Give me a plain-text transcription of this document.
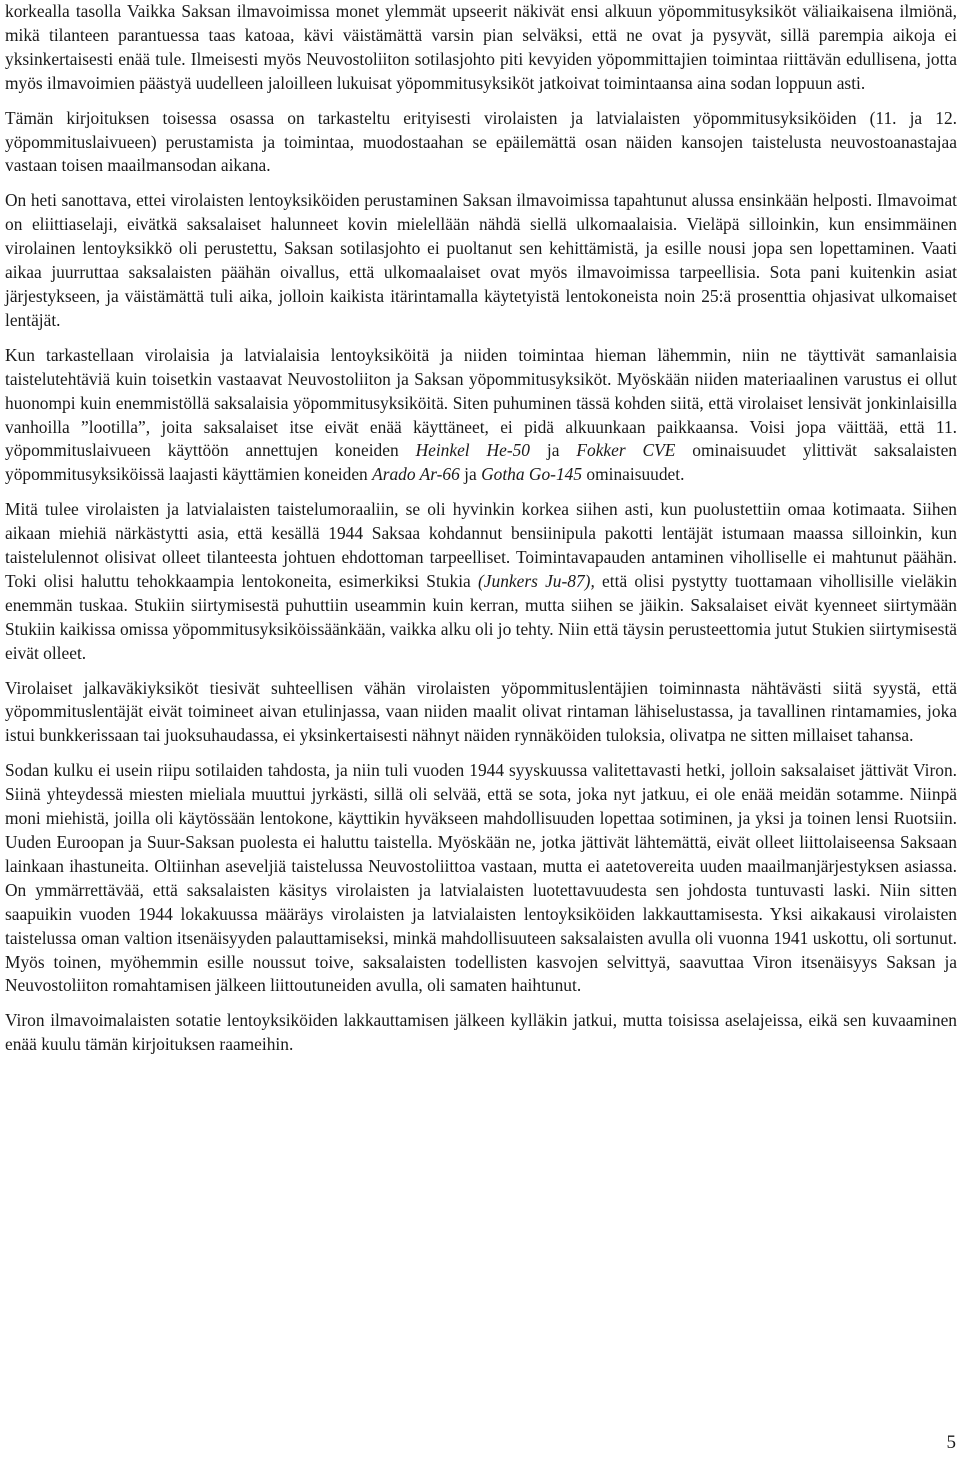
korkealla tasolla Vaikka Saksan ilmavoimissa monet ylemmät upseerit näkivät ensi alkuun yöpommitusyksiköt väliaikaisena ilmiönä, mikä tilanteen parantuessa taas katoaa, kävi väistämättä varsin pian selväksi, että ne ovat ja pysyvät, sillä parempia aikoja ei yksinkertaisesti enää tule. Ilmeisesti myös Neuvostoliiton sotilasjohto piti kevyiden yöpommittajien toimintaa riittävän edullisena, jotta myös ilmavoimien päästyä uudelleen jaloilleen lukuisat yöpommitusyksiköt jatkoivat toimintaansa aina sodan loppuun asti.

Tämän kirjoituksen toisessa osassa on tarkasteltu erityisesti virolaisten ja latvialaisten yöpommitusyksiköiden (11. ja 12. yöpommituslaivueen) perustamista ja toimintaa, muodostaahan se epäilemättä osan näiden kansojen taistelusta neuvostoanastajaa vastaan toisen maailmansodan aikana.

On heti sanottava, ettei virolaisten lentoyksiköiden perustaminen Saksan ilmavoimissa tapahtunut alussa ensinkään helposti. Ilmavoimat on eliittiaselaji, eivätkä saksalaiset halunneet kovin mielellään nähdä siellä ulkomaalaisia. Vieläpä silloinkin, kun ensimmäinen virolainen lentoyksikkö oli perustettu, Saksan sotilasjohto ei puoltanut sen kehittämistä, ja esille nousi jopa sen lopettaminen. Vaati aikaa juurruttaa saksalaisten päähän oivallus, että ulkomaalaiset ovat myös ilmavoimissa tarpeellisia. Sota pani kuitenkin asiat järjestykseen, ja väistämättä tuli aika, jolloin kaikista itärintamalla käytetyistä lentokoneista noin 25:ä prosenttia ohjasivat ulkomaiset lentäjät.

Kun tarkastellaan virolaisia ja latvialaisia lentoyksiköitä ja niiden toimintaa hieman lähemmin, niin ne täyttivät samanlaisia taistelutehtäviä kuin toisetkin vastaavat Neuvostoliiton ja Saksan yöpommitusyksiköt. Myöskään niiden materiaalinen varustus ei ollut huonompi kuin enemmistöllä saksalaisia yöpommitusyksiköitä. Siten puhuminen tässä kohden siitä, että virolaiset lensivät jonkinlaisilla vanhoilla ”lootilla”, joita saksalaiset itse eivät enää käyttäneet, ei pidä alkuunkaan paikkaansa. Voisi jopa väittää, että 11. yöpommituslaivueen käyttöön annettujen koneiden Heinkel He-50 ja Fokker CVE ominaisuudet ylittivät saksalaisten yöpommitusyksiköissä laajasti käyttämien koneiden Arado Ar-66 ja Gotha Go-145 ominaisuudet.

Mitä tulee virolaisten ja latvialaisten taistelumoraaliin, se oli hyvinkin korkea siihen asti, kun puolustettiin omaa kotimaata. Siihen aikaan miehiä närkästytti asia, että kesällä 1944 Saksaa kohdannut bensiinipula pakotti lentäjät istumaan maassa silloinkin, kun taistelulennot olisivat olleet tilanteesta johtuen ehdottoman tarpeelliset. Toimintavapauden antaminen viholliselle ei mahtunut päähän. Toki olisi haluttu tehokkaampia lentokoneita, esimerkiksi Stukia (Junkers Ju-87), että olisi pystytty tuottamaan vihollisille vieläkin enemmän tuskaa. Stukiin siirtymisestä puhuttiin useammin kuin kerran, mutta siihen se jäikin. Saksalaiset eivät kyenneet siirtymään Stukiin kaikissa omissa yöpommitusyksiköissäänkään, vaikka alku oli jo tehty. Niin että täysin perusteettomia jutut Stukien siirtymisestä eivät olleet.

Virolaiset jalkaväkiyksiköt tiesivät suhteellisen vähän virolaisten yöpommituslentäjien toiminnasta nähtävästi siitä syystä, että yöpommituslentäjät eivät toimineet aivan etulinjassa, vaan niiden maalit olivat rintaman lähiselustassa, ja tavallinen rintamamies, joka istui bunkkerissaan tai juoksuhaudassa, ei yksinkertaisesti nähnyt näiden rynnäköiden tuloksia, olivatpa ne sitten millaiset tahansa.

Sodan kulku ei usein riipu sotilaiden tahdosta, ja niin tuli vuoden 1944 syyskuussa valitettavasti hetki, jolloin saksalaiset jättivät Viron. Siinä yhteydessä miesten mieliala muuttui jyrkästi, sillä oli selvää, että se sota, joka nyt jatkuu, ei ole enää meidän sotamme. Niinpä moni miehistä, joilla oli käytössään lentokone, käyttikin hyväkseen mahdollisuuden lopettaa sotiminen, ja yksi ja toinen lensi Ruotsiin. Uuden Euroopan ja Suur-Saksan puolesta ei haluttu taistella. Myöskään ne, jotka jättivät lähtemättä, eivät olleet liittolaiseensa Saksaan lainkaan ihastuneita. Oltiinhan aseveljiä taistelussa Neuvostoliittoa vastaan, mutta ei aatetovereita uuden maailmanjärjestyksen asiassa. On ymmärrettävää, että saksalaisten käsitys virolaisten ja latvialaisten luotettavuudesta sen johdosta tuntuvasti laski. Niin sitten saapuikin vuoden 1944 lokakuussa määräys virolaisten ja latvialaisten lentoyksiköiden lakkauttamisesta. Yksi aikakausi virolaisten taistelussa oman valtion itsenäisyyden palauttamiseksi, minkä mahdollisuuteen saksalaisten avulla oli vuonna 1941 uskottu, oli sortunut. Myös toinen, myöhemmin esille noussut toive, saksalaisten todellisten kasvojen selvittyä, saavuttaa Viron itsenäisyys Saksan ja Neuvostoliiton romahtamisen jälkeen liittoutuneiden avulla, oli samaten haihtunut.

Viron ilmavoimalaisten sotatie lentoyksiköiden lakkauttamisen jälkeen kylläkin jatkui, mutta toisissa aselajeissa, eikä sen kuvaaminen enää kuulu tämän kirjoituksen raameihin.

5
